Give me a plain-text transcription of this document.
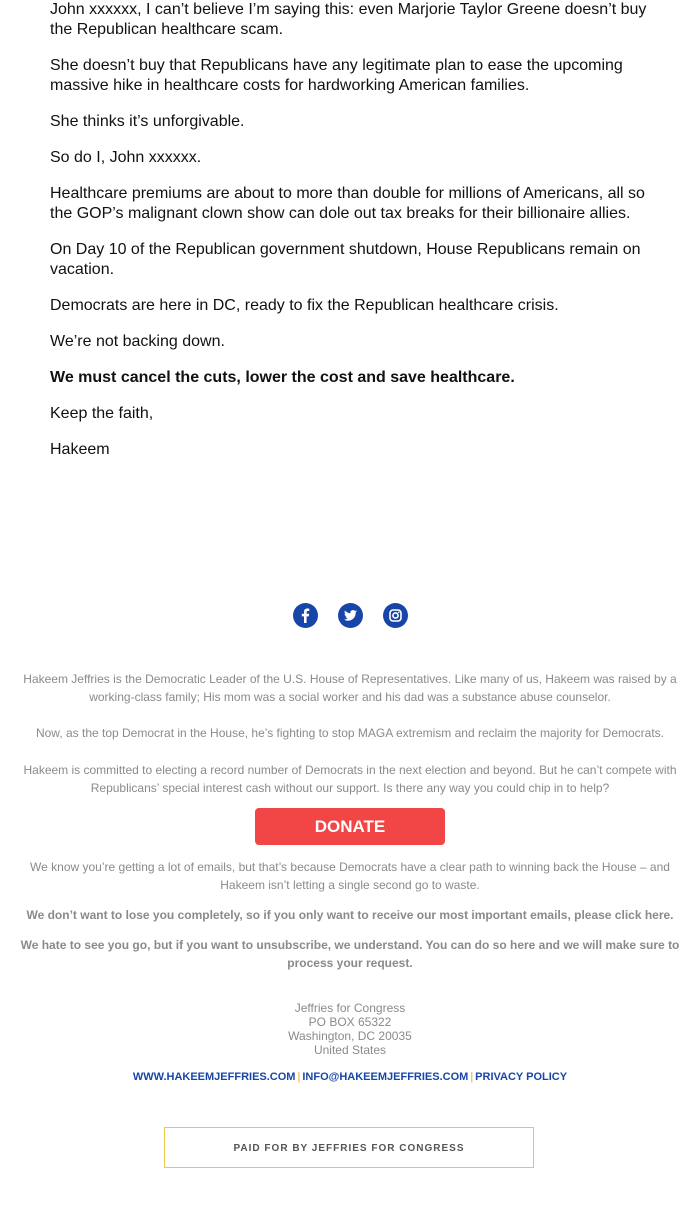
John xxxxxx, I can’t believe I’m saying this: even Marjorie Taylor Greene doesn’t buy the Republican healthcare scam.

She doesn’t buy that Republicans have any legitimate plan to ease the upcoming massive hike in healthcare costs for hardworking American families.

She thinks it’s unforgivable.

So do I, John xxxxxx.

Healthcare premiums are about to more than double for millions of Americans, all so the GOP’s malignant clown show can dole out tax breaks for their billionaire allies.

On Day 10 of the Republican government shutdown, House Republicans remain on vacation.

Democrats are here in DC, ready to fix the Republican healthcare crisis.

We’re not backing down.

We must cancel the cuts, lower the cost and save healthcare.

Keep the faith,

Hakeem

Hakeem Jeffries is the Democratic Leader of the U.S. House of Representatives. Like many of us, Hakeem was raised by a working-class family; His mom was a social worker and his dad was a substance abuse counselor.
Now, as the top Democrat in the House, he’s fighting to stop MAGA extremism and reclaim the majority for Democrats.
Hakeem is committed to electing a record number of Democrats in the next election and beyond. But he can’t compete with Republicans’ special interest cash without our support. Is there any way you could chip in to help?
DONATE
We know you’re getting a lot of emails, but that’s because Democrats have a clear path to winning back the House – and Hakeem isn’t letting a single second go to waste.
We don’t want to lose you completely, so if you only want to receive our most important emails, please click here.
We hate to see you go, but if you want to unsubscribe, we understand. You can do so here and we will make sure to process your request.
Jeffries for Congress
PO BOX 65322
Washington, DC 20035
United States
WWW.HAKEEMJEFFRIES.COM | INFO@HAKEEMJEFFRIES.COM | PRIVACY POLICY
PAID FOR BY JEFFRIES FOR CONGRESS
